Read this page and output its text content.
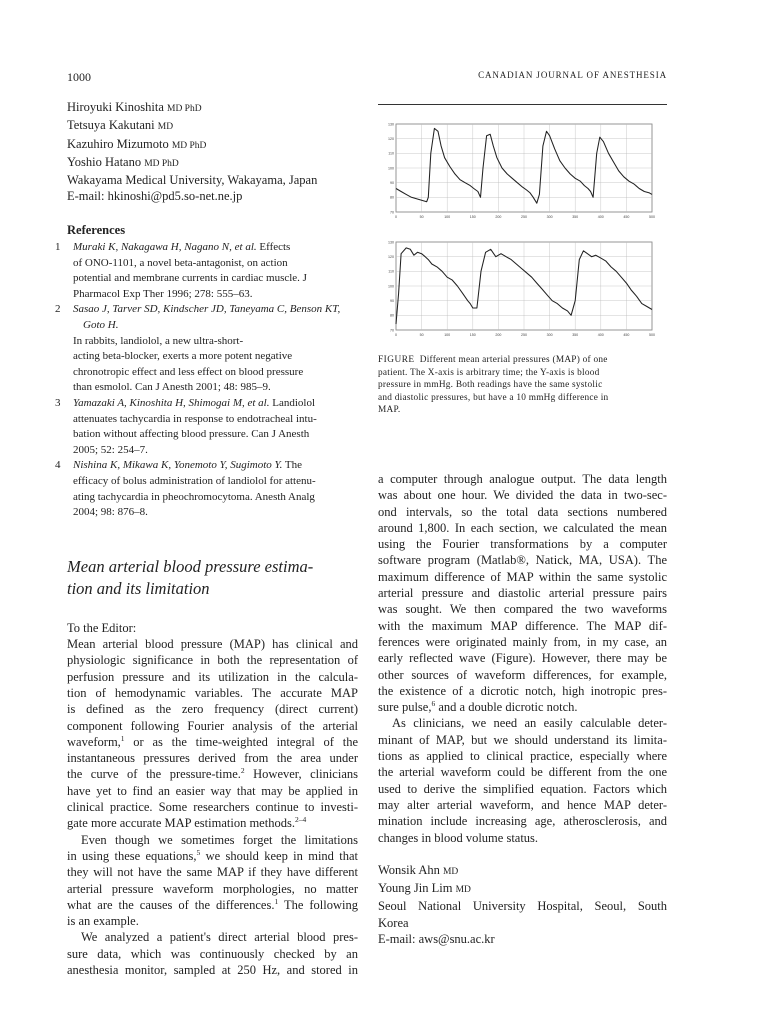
1000	CANADIAN JOURNAL OF ANESTHESIA
Hiroyuki Kinoshita MD PhD
Tetsuya Kakutani MD
Kazuhiro Mizumoto MD PhD
Yoshio Hatano MD PhD
Wakayama Medical University, Wakayama, Japan
E-mail: hkinoshi@pd5.so-net.ne.jp
References
1 Muraki K, Nakagawa H, Nagano N, et al. Effects
of ONO-1101, a novel beta-antagonist, on action
potential and membrane currents in cardiac muscle. J
Pharmacol Exp Ther 1996; 278: 555–63.
2 Sasao J, Tarver SD, Kindscher JD, Taneyama C, Benson KT, Goto H.
In rabbits, landiolol, a new ultra-short-
acting beta-blocker, exerts a more potent negative
chronotropic effect and less effect on blood pressure
than esmolol. Can J Anesth 2001; 48: 985–9.
3 Yamazaki A, Kinoshita H, Shimogai M, et al. Landiolol
attenuates tachycardia in response to endotracheal intu-
bation without affecting blood pressure. Can J Anesth
2005; 52: 254–7.
4 Nishina K, Mikawa K, Yonemoto Y, Sugimoto Y. The
efficacy of bolus administration of landiolol for attenu-
ating tachycardia in pheochromocytoma. Anesth Analg
2004; 98: 876–8.
Mean arterial blood pressure estima-
tion and its limitation
To the Editor:
Mean arterial blood pressure (MAP) has clinical and
physiologic significance in both the representation of
perfusion pressure and its utilization in the calcula-
tion of hemodynamic variables. The accurate MAP
is defined as the zero frequency (direct current)
component following Fourier analysis of the arterial
waveform,$^1$ or as the time-weighted integral of the
instantaneous pressures derived from the area under
the curve of the pressure-time.$^2$ However, clinicians
have yet to find an easier way that may be applied in
clinical practice. Some researchers continue to investi-
gate more accurate MAP estimation methods.$^{2-4}$
Even though we sometimes forget the limitations
in using these equations,$^5$ we should keep in mind that
they will not have the same MAP if they have different
arterial pressure waveform morphologies, no matter
what are the causes of the differences.$^1$ The following
is an example.
We analyzed a patient's direct arterial blood pres-
sure data, which was continuously checked by an
anesthesia monitor, sampled at 250 Hz, and stored in
0	50	100	150	200	250	300	350	400	450	500
70
80
90
100
110
120
130
0	50	100	150	200	250	300	350	400	450	500
70
80
90
100
110
120
130
FIGURE Different mean arterial pressures (MAP) of one
patient. The X-axis is arbitrary time; the Y-axis is blood
pressure in mmHg. Both readings have the same systolic
and diastolic pressures, but have a 10 mmHg difference in
MAP.
a computer through analogue output. The data length
was about one hour. We divided the data in two-sec-
ond intervals, so the total data sections numbered
around 1,800. In each section, we calculated the mean
using the Fourier transformations by a computer
software program (Matlab®, Natick, MA, USA). The
maximum difference of MAP within the same systolic
arterial pressure and diastolic arterial pressure pairs
was sought. We then compared the two waveforms
with the maximum MAP difference. The MAP dif-
ferences were originated mainly from, in my case, an
early reflected wave (Figure). However, there may be
other sources of waveform differences, for example,
the existence of a dicrotic notch, high inotropic pres-
sure pulse,$^6$ and a double dicrotic notch.
As clinicians, we need an easily calculable deter-
minant of MAP, but we should understand its limita-
tions as applied to clinical practice, especially where
the arterial waveform could be different from the one
used to derive the simplified equation. Factors which
may alter arterial waveform, and hence MAP deter-
mination include increasing age, atherosclerosis, and
changes in blood volume status.
Wonsik Ahn MD
Young Jin Lim MD
Seoul National University Hospital, Seoul, South
Korea
E-mail: aws@snu.ac.kr
